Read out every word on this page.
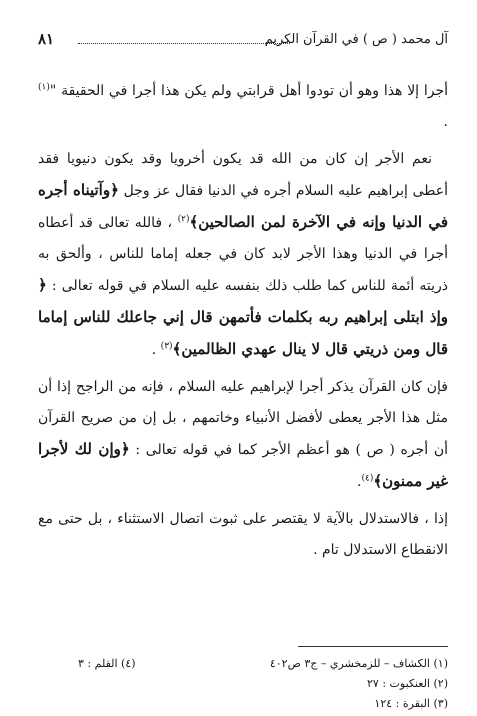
آل محمد ( ص ) في القرآن الكريم
٨١

أجرا إلا هذا وهو أن تودوا أهل قرابتي ولم يكن هذا أجرا في الحقيقة "$^{(١)}$ .

نعم الأجر إن كان من الله قد يكون أخرويا وقد يكون دنيويا فقد أعطى إبراهيم عليه السلام أجره في الدنيا فقال عز وجل ﴿وآتيناه أجره في الدنيا وإنه في الآخرة لمن الصالحين﴾$^{(٢)}$ ، فالله تعالى قد أعطاه أجرا في الدنيا وهذا الأجر لابد كان في جعله إماما للناس ، وألحق به ذريته أئمة للناس كما طلب ذلك بنفسه عليه السلام في قوله تعالى : ﴿ وإذ ابتلى إبراهيم ربه بكلمات فأتمهن قال إني جاعلك للناس إماما قال ومن ذريتي قال لا ينال عهدي الظالمين﴾$^{(٣)}$ .

فإن كان القرآن يذكر أجرا لإبراهيم عليه السلام ، فإنه من الراجح إذا أن مثل هذا الأجر يعطى لأفضل الأنبياء وخاتمهم ، بل إن من صريح القرآن أن أجره ( ص ) هو أعظم الأجر كما في قوله تعالى : ﴿وإن لك لأجرا غير ممنون﴾$^{(٤)}$.

إذا ، فالاستدلال بالآية لا يقتصر على ثبوت اتصال الاستثناء ، بل حتى مع الانقطاع الاستدلال تام .

(١) الكشاف – للزمخشري – ج٣ ص٤٠٢
(٤) القلم : ٣
(٢) العنكبوت : ٢٧
(٣) البقرة : ١٢٤
